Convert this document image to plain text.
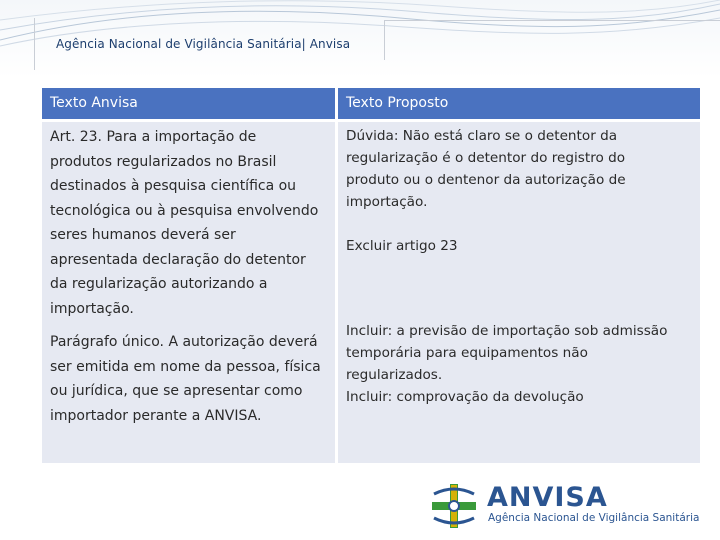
Agência Nacional de Vigilância Sanitária| Anvisa
Texto Anvisa	Texto Proposto
Art. 23. Para a importação de
produtos regularizados no Brasil
destinados à pesquisa científica ou
tecnológica ou à pesquisa envolvendo
seres humanos deverá ser
apresentada declaração do detentor
da regularização autorizando a
importação.
Parágrafo único. A autorização deverá
ser emitida em nome da pessoa, física
ou jurídica, que se apresentar como
importador perante a ANVISA.
Dúvida: Não está claro se o detentor da
regularização é o detentor do registro do
produto ou o dentenor da autorização de
importação.
Excluir artigo 23
Incluir: a previsão de importação sob admissão
temporária para equipamentos não
regularizados.
Incluir: comprovação da devolução
ANVISA
Agência Nacional de Vigilância Sanitária
